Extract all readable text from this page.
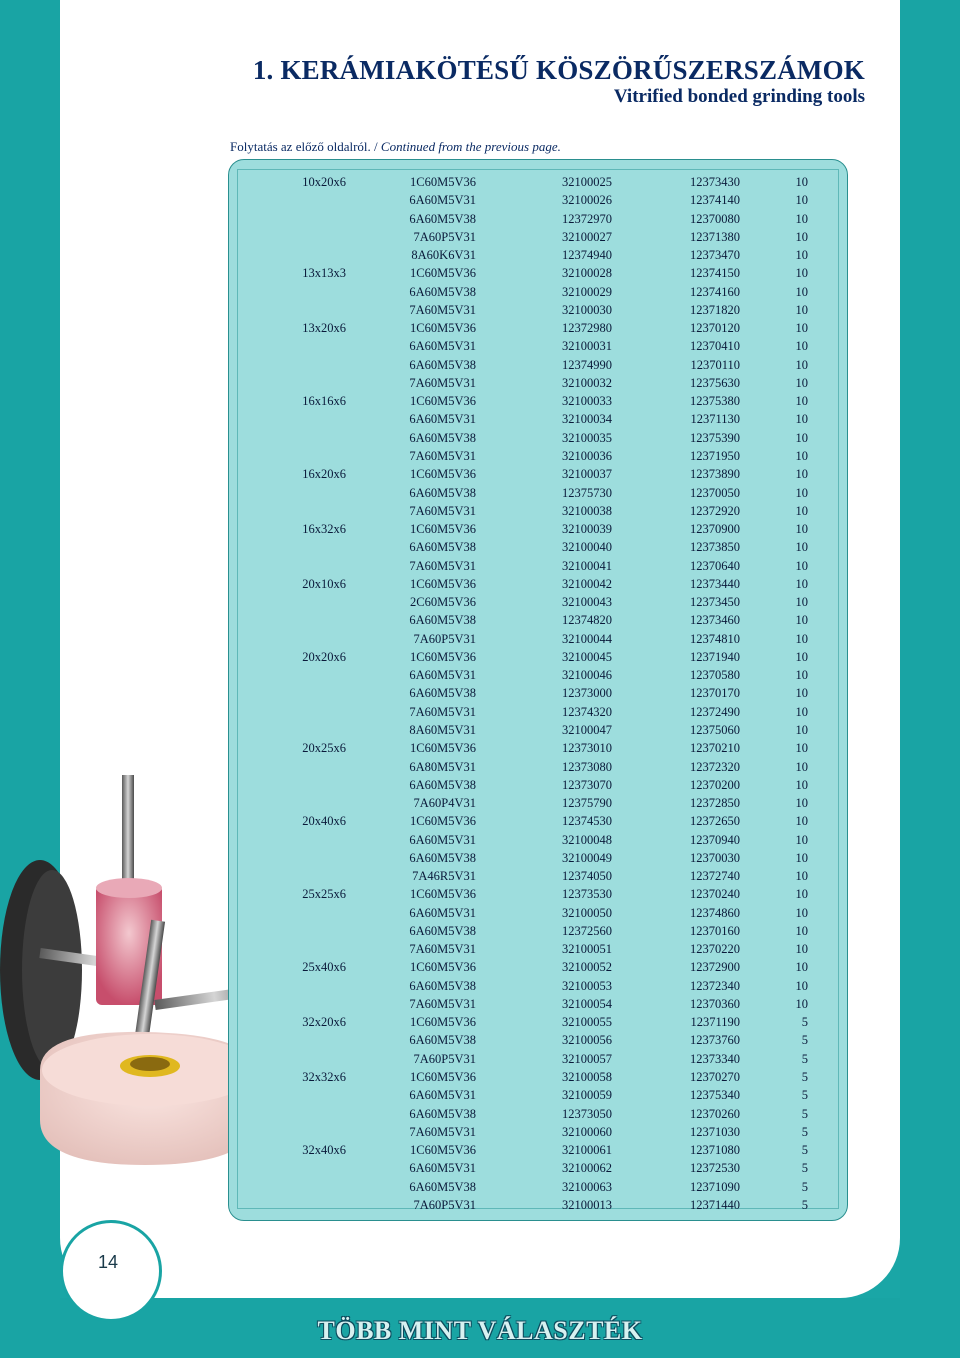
1. KERÁMIAKÖTÉSŰ KÖSZÖRŰSZERSZÁMOK
Vitrified bonded grinding tools
Folytatás az előző oldalról. / Continued from the previous page.
10x20x6	1C60M5V36	32100025	12373430	10
	6A60M5V31	32100026	12374140	10
	6A60M5V38	12372970	12370080	10
	7A60P5V31	32100027	12371380	10
	8A60K6V31	12374940	12373470	10
13x13x3	1C60M5V36	32100028	12374150	10
	6A60M5V38	32100029	12374160	10
	7A60M5V31	32100030	12371820	10
13x20x6	1C60M5V36	12372980	12370120	10
	6A60M5V31	32100031	12370410	10
	6A60M5V38	12374990	12370110	10
	7A60M5V31	32100032	12375630	10
16x16x6	1C60M5V36	32100033	12375380	10
	6A60M5V31	32100034	12371130	10
	6A60M5V38	32100035	12375390	10
	7A60M5V31	32100036	12371950	10
16x20x6	1C60M5V36	32100037	12373890	10
	6A60M5V38	12375730	12370050	10
	7A60M5V31	32100038	12372920	10
16x32x6	1C60M5V36	32100039	12370900	10
	6A60M5V38	32100040	12373850	10
	7A60M5V31	32100041	12370640	10
20x10x6	1C60M5V36	32100042	12373440	10
	2C60M5V36	32100043	12373450	10
	6A60M5V38	12374820	12373460	10
	7A60P5V31	32100044	12374810	10
20x20x6	1C60M5V36	32100045	12371940	10
	6A60M5V31	32100046	12370580	10
	6A60M5V38	12373000	12370170	10
	7A60M5V31	12374320	12372490	10
	8A60M5V31	32100047	12375060	10
20x25x6	1C60M5V36	12373010	12370210	10
	6A80M5V31	12373080	12372320	10
	6A60M5V38	12373070	12370200	10
	7A60P4V31	12375790	12372850	10
20x40x6	1C60M5V36	12374530	12372650	10
	6A60M5V31	32100048	12370940	10
	6A60M5V38	32100049	12370030	10
	7A46R5V31	12374050	12372740	10
25x25x6	1C60M5V36	12373530	12370240	10
	6A60M5V31	32100050	12374860	10
	6A60M5V38	12372560	12370160	10
	7A60M5V31	32100051	12370220	10
25x40x6	1C60M5V36	32100052	12372900	10
	6A60M5V38	32100053	12372340	10
	7A60M5V31	32100054	12370360	10
32x20x6	1C60M5V36	32100055	12371190	5
	6A60M5V38	32100056	12373760	5
	7A60P5V31	32100057	12373340	5
32x32x6	1C60M5V36	32100058	12370270	5
	6A60M5V31	32100059	12375340	5
	6A60M5V38	12373050	12370260	5
	7A60M5V31	32100060	12371030	5
32x40x6	1C60M5V36	32100061	12371080	5
	6A60M5V31	32100062	12372530	5
	6A60M5V38	32100063	12371090	5
	7A60P5V31	32100013	12371440	5
14
TÖBB MINT VÁLASZTÉK
